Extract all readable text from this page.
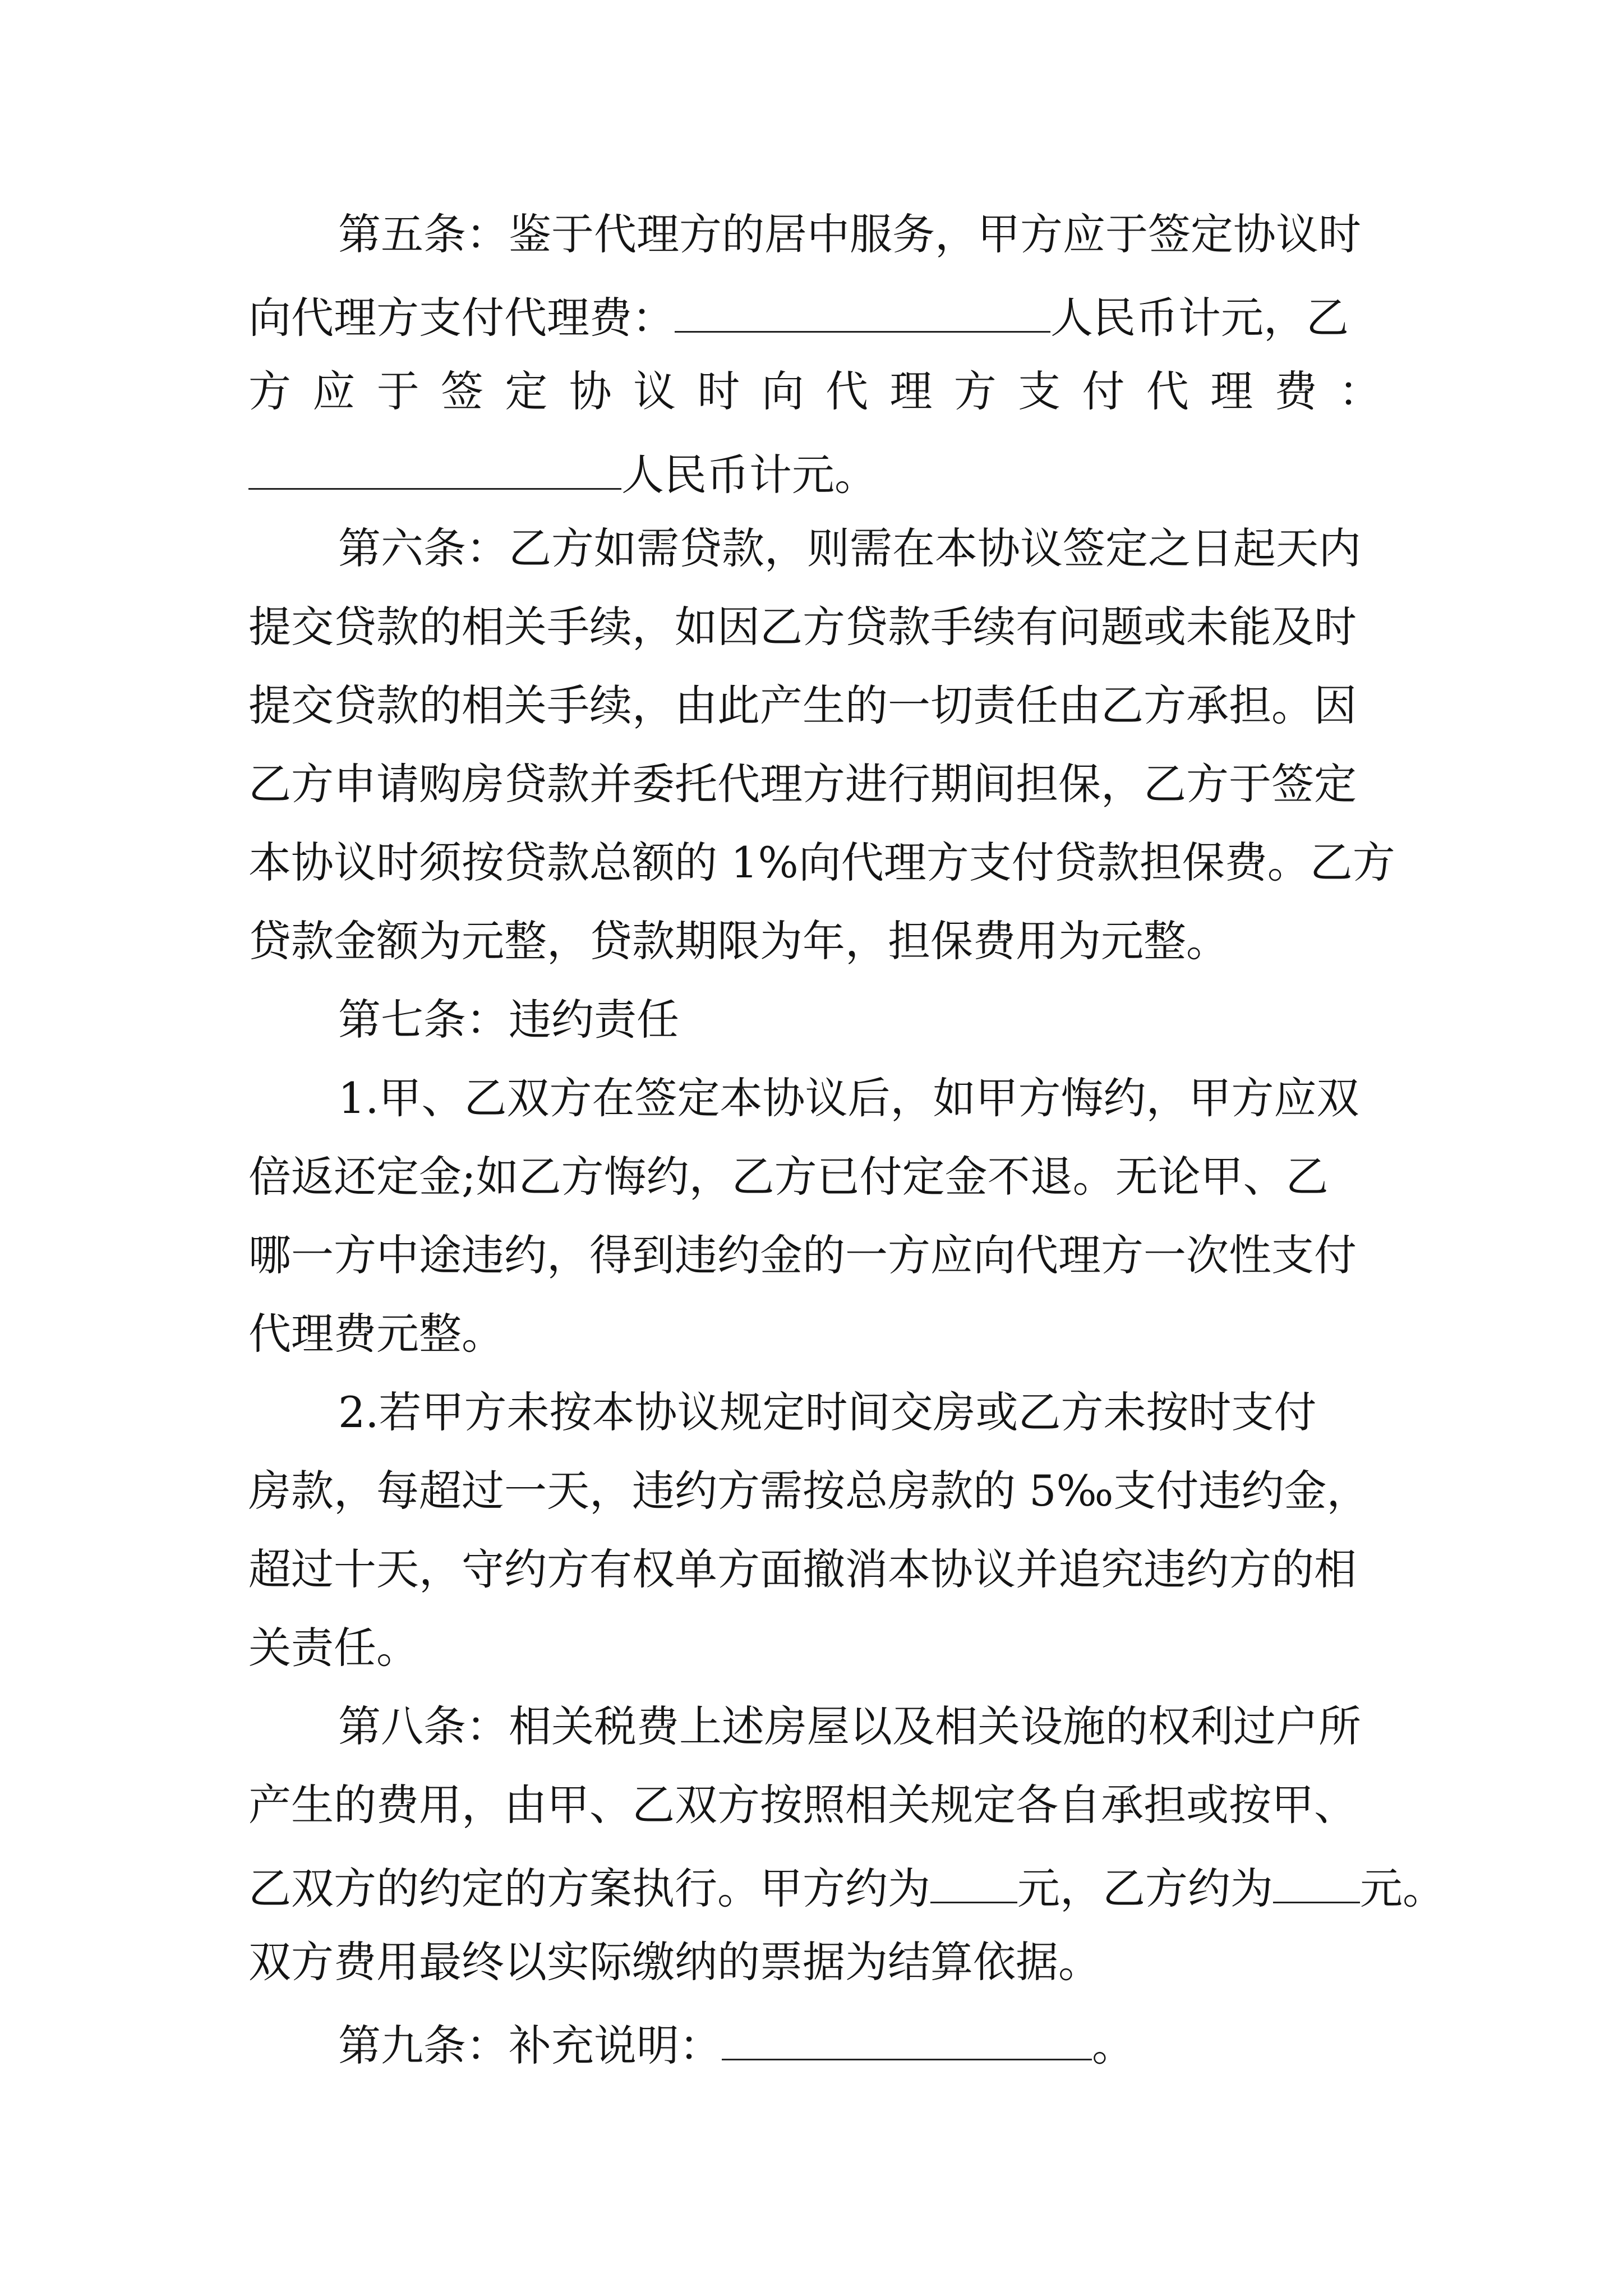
第五条：鉴于代理方的居中服务，甲方应于签定协议时
向代理方支付代理费：	人民币计元，乙
方 应 于 签 定 协 议 时 向 代 理 方 支 付 代 理 费 ：
人民币计元。
第六条：乙方如需贷款，则需在本协议签定之日起天内
提交贷款的相关手续，如因乙方贷款手续有问题或未能及时
提交贷款的相关手续，由此产生的一切责任由乙方承担。因
乙方申请购房贷款并委托代理方进行期间担保，乙方于签定
本协议时须按贷款总额的 1%向代理方支付贷款担保费。乙方
贷款金额为元整，贷款期限为年，担保费用为元整。
第七条：违约责任
1.甲、乙双方在签定本协议后，如甲方悔约，甲方应双
倍返还定金;如乙方悔约，乙方已付定金不退。无论甲、乙
哪一方中途违约，得到违约金的一方应向代理方一次性支付
代理费元整。
2.若甲方未按本协议规定时间交房或乙方未按时支付
房款，每超过一天，违约方需按总房款的 5‰支付违约金，
超过十天，守约方有权单方面撤消本协议并追究违约方的相
关责任。
第八条：相关税费上述房屋以及相关设施的权利过户所
产生的费用，由甲、乙双方按照相关规定各自承担或按甲、
乙双方的约定的方案执行。甲方约为 元，乙方约为 元。
双方费用最终以实际缴纳的票据为结算依据。
第九条：补充说明：	。
